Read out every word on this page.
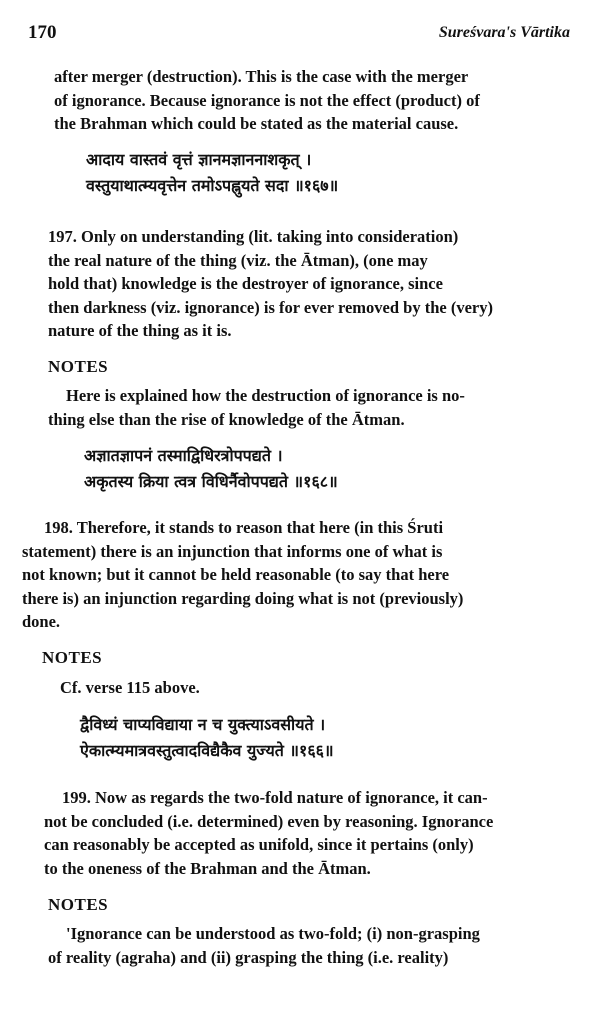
170	Sureśvara's Vārtika
after merger (destruction). This is the case with the merger
of ignorance. Because ignorance is not the effect (product) of
the Brahman which could be stated as the material cause.
आदाय वास्तवं वृत्तं ज्ञानमज्ञाननाशकृत् ।
वस्तुयाथात्म्यवृत्तेन तमोऽपह्नुयते सदा ॥१६७॥
197. Only on understanding (lit. taking into consideration)
the real nature of the thing (viz. the Ātman), (one may
hold that) knowledge is the destroyer of ignorance, since
then darkness (viz. ignorance) is for ever removed by the (very)
nature of the thing as it is.
NOTES
Here is explained how the destruction of ignorance is no-
thing else than the rise of knowledge of the Ātman.
अज्ञातज्ञापनं तस्माद्विधिरत्रोपपद्यते ।
अकृतस्य क्रिया त्वत्र विधिर्नैवोपपद्यते ॥१६८॥
198. Therefore, it stands to reason that here (in this Śruti
statement) there is an injunction that informs one of what is
not known; but it cannot be held reasonable (to say that here
there is) an injunction regarding doing what is not (previously)
done.
NOTES
Cf. verse 115 above.
द्वैविध्यं चाप्यविद्याया न च युक्त्याऽवसीयते ।
ऐकात्म्यमात्रवस्तुत्वादविद्यैकैव युज्यते ॥१६६॥
199. Now as regards the two-fold nature of ignorance, it can-
not be concluded (i.e. determined) even by reasoning. Ignorance
can reasonably be accepted as unifold, since it pertains (only)
to the oneness of the Brahman and the Ātman.
NOTES
'Ignorance can be understood as two-fold; (i) non-grasping
of reality (agraha) and (ii) grasping the thing (i.e. reality)
